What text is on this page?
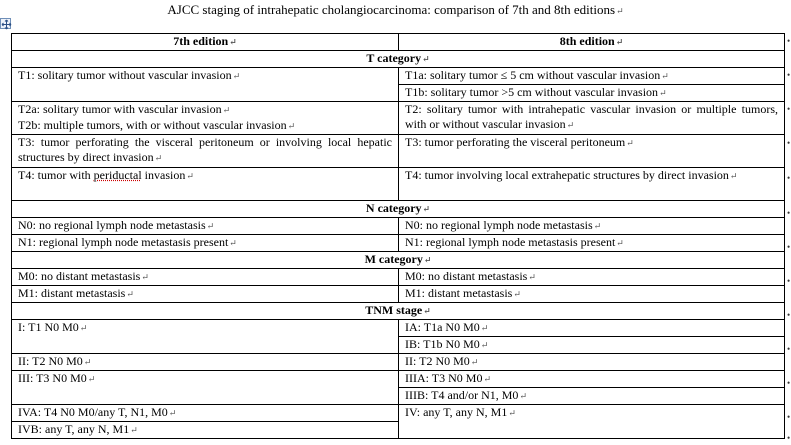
AJCC staging of intrahepatic cholangiocarcinoma: comparison of 7th and 8th editions↵
7th edition↵	8th edition↵
T category↵	
T1: solitary tumor without vascular invasion↵	T1a: solitary tumor ≤ 5 cm without vascular invasion↵
	T1b: solitary tumor >5 cm without vascular invasion↵

T2a: solitary tumor with vascular invasion↵
T2b: multiple tumors, with or without vascular invasion↵	T2: solitary tumor with intrahepatic vascular invasion or multiple tumors, with or without vascular invasion↵
T3: tumor perforating the visceral peritoneum or involving local hepatic structures by direct invasion↵	T3: tumor perforating the visceral peritoneum↵
T4: tumor with periductal invasion↵	T4: tumor involving local extrahepatic structures by direct invasion↵
N category↵	
N0: no regional lymph node metastasis↵	N0: no regional lymph node metastasis↵
N1: regional lymph node metastasis present↵	N1: regional lymph node metastasis present↵
M category↵	
M0: no distant metastasis↵	M0: no distant metastasis↵
M1: distant metastasis↵	M1: distant metastasis↵
TNM stage↵	
I: T1 N0 M0↵	IA: T1a N0 M0↵
	IB: T1b N0 M0↵
II: T2 N0 M0↵	II: T2 N0 M0↵
III: T3 N0 M0↵	IIIA: T3 N0 M0↵
	IIIB: T4 and/or N1, M0↵
IVA: T4 N0 M0/any T, N1, M0↵	IV: any T, any N, M1↵
IVB: any T, any N, M1↵	
•
•
•
•
•
•
•
•
•
•
•
•
•
